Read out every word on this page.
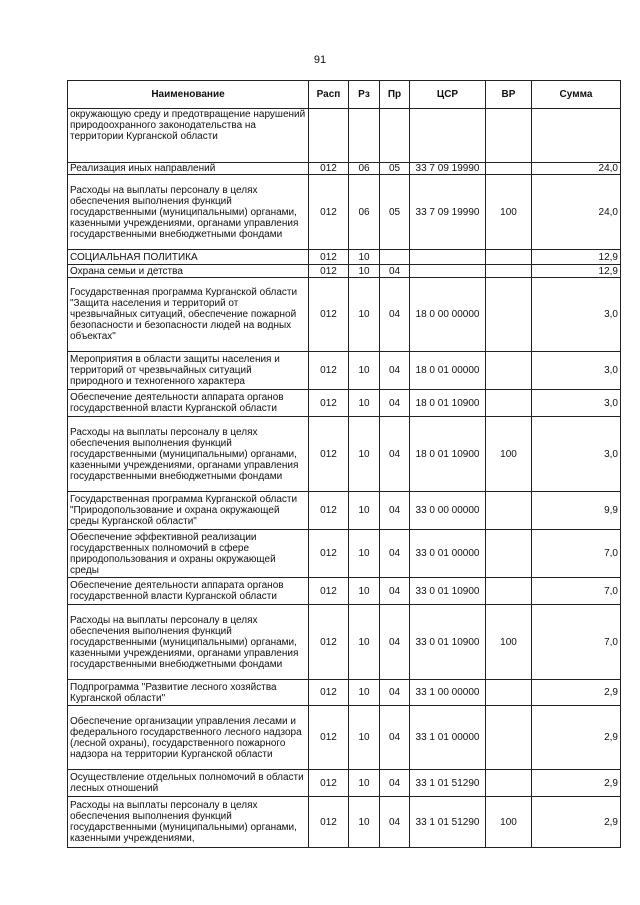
91
Наименование	Расп	Рз	Пр	ЦСР	ВР	Сумма
окружающую среду и предотвращение нарушений природоохранного законодательства на территории Курганской области						
Реализация иных направлений	012	06	05	33 7 09 19990		24,0
Расходы на выплаты персоналу в целях обеспечения выполнения функций государственными (муниципальными) органами, казенными учреждениями, органами управления государственными внебюджетными фондами	012	06	05	33 7 09 19990	100	24,0
СОЦИАЛЬНАЯ ПОЛИТИКА	012	10				12,9
Охрана семьи и детства	012	10	04			12,9
Государственная программа Курганской области "Защита населения и территорий от чрезвычайных ситуаций, обеспечение пожарной безопасности и безопасности людей на водных объектах"	012	10	04	18 0 00 00000		3,0
Мероприятия в области защиты населения и территорий от чрезвычайных ситуаций природного и техногенного характера	012	10	04	18 0 01 00000		3,0
Обеспечение деятельности аппарата органов государственной власти Курганской области	012	10	04	18 0 01 10900		3,0
Расходы на выплаты персоналу в целях обеспечения выполнения функций государственными (муниципальными) органами, казенными учреждениями, органами управления государственными внебюджетными фондами	012	10	04	18 0 01 10900	100	3,0
Государственная программа Курганской области "Природопользование и охрана окружающей среды Курганской области"	012	10	04	33 0 00 00000		9,9
Обеспечение эффективной реализации государственных полномочий в сфере природопользования и охраны окружающей среды	012	10	04	33 0 01 00000		7,0
Обеспечение деятельности аппарата органов государственной власти Курганской области	012	10	04	33 0 01 10900		7,0
Расходы на выплаты персоналу в целях обеспечения выполнения функций государственными (муниципальными) органами, казенными учреждениями, органами управления государственными внебюджетными фондами	012	10	04	33 0 01 10900	100	7,0
Подпрограмма "Развитие лесного хозяйства Курганской области"	012	10	04	33 1 00 00000		2,9
Обеспечение организации управления лесами и федерального государственного лесного надзора (лесной охраны), государственного пожарного надзора на территории Курганской области	012	10	04	33 1 01 00000		2,9
Осуществление отдельных полномочий в области лесных отношений	012	10	04	33 1 01 51290		2,9
Расходы на выплаты персоналу в целях обеспечения выполнения функций государственными (муниципальными) органами, казенными учреждениями,	012	10	04	33 1 01 51290	100	2,9
